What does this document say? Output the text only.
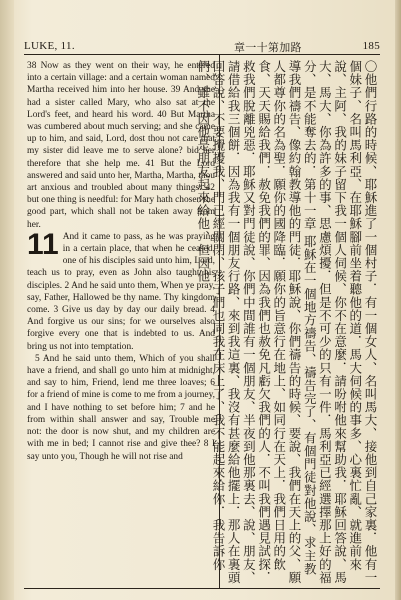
LUKE, 11.	章一十第加路	185

38 Now as they went on their way, he entered into a certain village: and a certain woman named Martha received him into her house. 39 And she had a sister called Mary, who also sat at the Lord's feet, and heard his word. 40 But Martha was cumbered about much serving; and she came up to him, and said, Lord, dost thou not care that my sister did leave me to serve alone? bid her therefore that she help me. 41 But the Lord answered and said unto her, Martha, Martha, thou art anxious and troubled about many things: 42 but one thing is needful: for Mary hath chosen the good part, which shall not be taken away from her.

11 And it came to pass, as he was praying in a certain place, that when he ceased, one of his disciples said unto him, Lord, teach us to pray, even as John also taught his disciples. 2 And he said unto them, When ye pray, say, Father, Hallowed be thy name. Thy kingdom come. 3 Give us day by day our daily bread. 4 And forgive us our sins; for we ourselves also forgive every one that is indebted to us. And bring us not into temptation.

5 And he said unto them, Which of you shall have a friend, and shall go unto him at midnight, and say to him, Friend, lend me three loaves; 6 for a friend of mine is come to me from a journey, and I have nothing to set before him; 7 and he from within shall answer and say, Trouble me not: the door is now shut, and my children are with me in bed; I cannot rise and give thee? 8 I say unto you, Though he will not rise and	〇他們行路的時候、耶穌進了一個村子．有一個女人、名叫馬大、接他到自己家裏．他有一個妹子、名叫馬利亞、在耶穌腳前坐着聽他的道．馬大伺候的事多、心裏忙亂、就進前來說、主阿、我的妹子留下我一個人伺候、你不在意麼．請吩咐他來幫助我．耶穌回答說、馬大、馬大、你為許多的事、思慮煩擾．但是不可少的只有一件．馬利亞已經選擇那上好的福分、是不能奪去的．第十一章 耶穌在一個地方禱告、禱告完了、有個門徒對他說、求主教導我們禱告、像約翰教導他的門徒．耶穌說、你們禱告的時候、要說、我們在天上的父、願人都尊你的名為聖．願你的國降臨．願你的旨意行在地上、如同行在天上．我們日用的飲食、天天賜給我們．赦免我們的罪、因為我們也赦免凡虧欠我們的人．不叫我們遇見試探．救我們脫離兇惡．耶穌又對門徒說、你們中間誰有一個朋友、半夜到他那裏去、說、朋友、請借給我三個餅．因為我有一個朋友行路、來到我這裏、我沒有甚麼給他擺上．那人在裏頭回答說、不要攪擾我、門已經關閉、孩子們也同我在床上了、我不能起來給你．我告訴你們、雖不因他是朋友起來給他、但因他
